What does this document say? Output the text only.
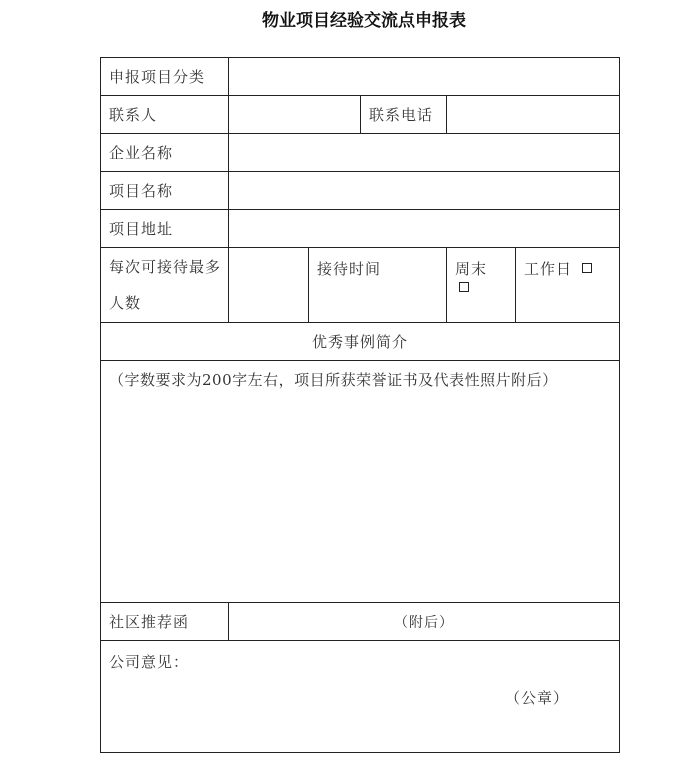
物业项目经验交流点申报表
申报项目分类					
联系人			联系电话		
企业名称					
项目名称					
项目地址					
每次可接待最多人数		接待时间		周末	工作日
优秀事例简介					
（字数要求为200字左右，项目所获荣誉证书及代表性照片附后）					
社区推荐函	（附后）				
公司意见：
（公章）					
